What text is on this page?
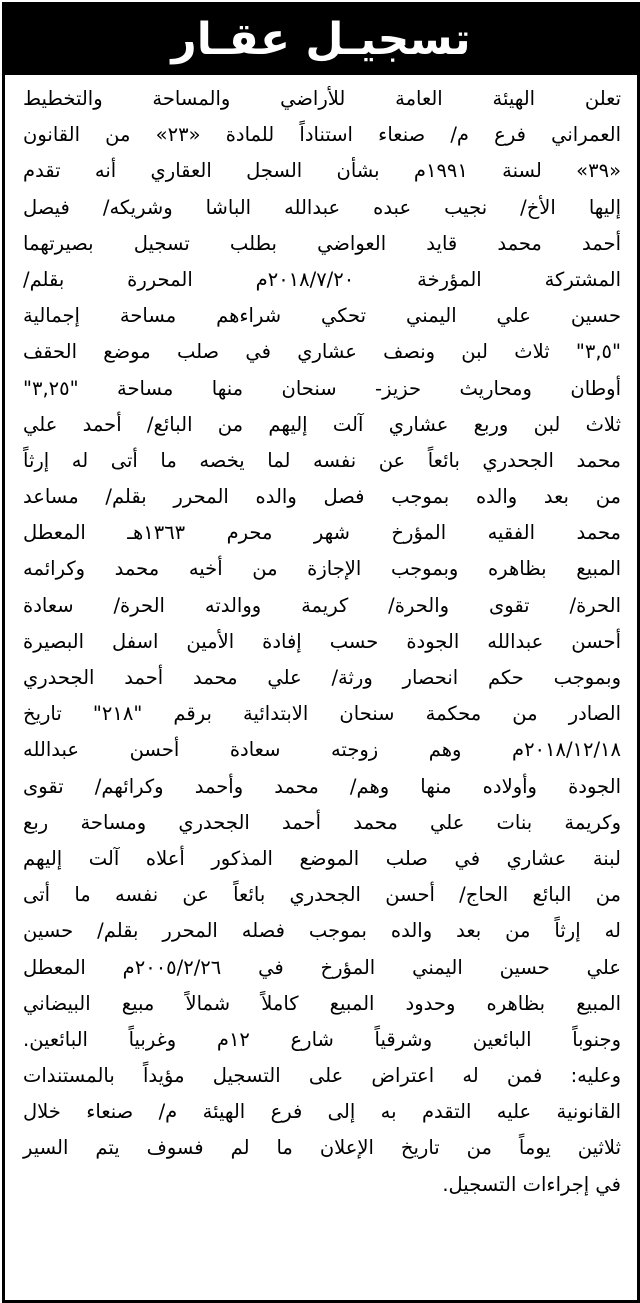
تسجيـل عقـار
تعلن الهيئة العامة للأراضي والمساحة والتخطيط
العمراني فرع م/ صنعاء استناداً للمادة «٢٣» من القانون
«٣٩» لسنة ١٩٩١م بشأن السجل العقاري أنه تقدم
إليها الأخ/ نجيب عبده عبدالله الباشا وشريكه/ فيصل
أحمد محمد قايد العواضي بطلب تسجيل بصيرتهما
المشتركة المؤرخة ٢٠١٨/٧/٢٠م المحررة بقلم/
حسين علي اليمني تحكي شراءهم مساحة إجمالية
"٣,٥" ثلاث لبن ونصف عشاري في صلب موضع الحقف
أوطان ومحاريث حزيز- سنحان منها مساحة "٣,٢٥"
ثلاث لبن وربع عشاري آلت إليهم من البائع/ أحمد علي
محمد الجحدري بائعاً عن نفسه لما يخصه ما أتى له إرثاً
من بعد والده بموجب فصل والده المحرر بقلم/ مساعد
محمد الفقيه المؤرخ شهر محرم ١٣٦٣هـ المعطل
المبيع بظاهره وبموجب الإجازة من أخيه محمد وكرائمه
الحرة/ تقوى والحرة/ كريمة ووالدته الحرة/ سعادة
أحسن عبدالله الجودة حسب إفادة الأمين اسفل البصيرة
وبموجب حكم انحصار ورثة/ علي محمد أحمد الجحدري
الصادر من محكمة سنحان الابتدائية برقم "٢١٨" تاريخ
٢٠١٨/١٢/١٨م وهم زوجته سعادة أحسن عبدالله
الجودة وأولاده منها وهم/ محمد وأحمد وكرائهم/ تقوى
وكريمة بنات علي محمد أحمد الجحدري ومساحة ربع
لبنة عشاري في صلب الموضع المذكور أعلاه آلت إليهم
من البائع الحاج/ أحسن الجحدري بائعاً عن نفسه ما أتى
له إرثاً من بعد والده بموجب فصله المحرر بقلم/ حسين
علي حسين اليمني المؤرخ في ٢٠٠٥/٢/٢٦م المعطل
المبيع بظاهره وحدود المبيع كاملاً شمالاً مبيع البيضاني
وجنوباً البائعين وشرقياً شارع ١٢م وغربياً البائعين.
وعليه: فمن له اعتراض على التسجيل مؤيداً بالمستندات
القانونية عليه التقدم به إلى فرع الهيئة م/ صنعاء خلال
ثلاثين يوماً من تاريخ الإعلان ما لم فسوف يتم السير
في إجراءات التسجيل.
